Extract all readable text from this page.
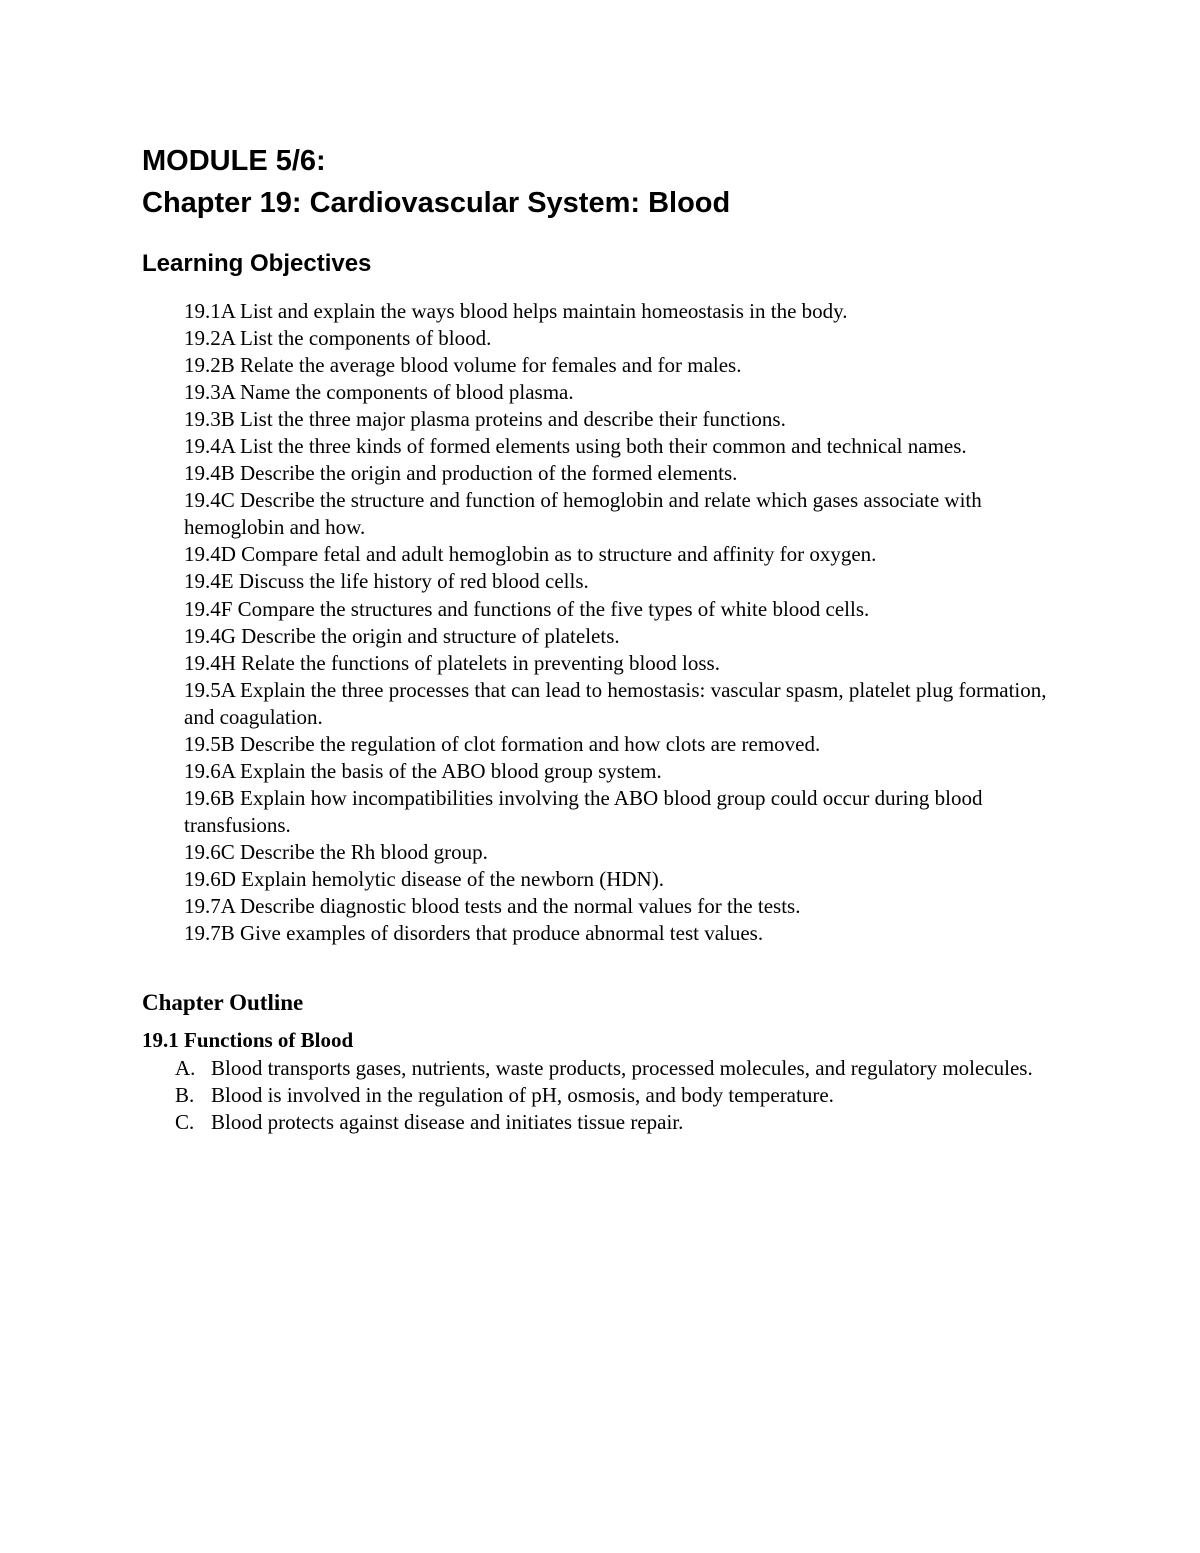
MODULE 5/6:
Chapter 19: Cardiovascular System: Blood
Learning Objectives
19.1A List and explain the ways blood helps maintain homeostasis in the body.
19.2A List the components of blood.
19.2B Relate the average blood volume for females and for males.
19.3A Name the components of blood plasma.
19.3B List the three major plasma proteins and describe their functions.
19.4A List the three kinds of formed elements using both their common and technical names.
19.4B Describe the origin and production of the formed elements.
19.4C Describe the structure and function of hemoglobin and relate which gases associate with hemoglobin and how.
19.4D Compare fetal and adult hemoglobin as to structure and affinity for oxygen.
19.4E Discuss the life history of red blood cells.
19.4F Compare the structures and functions of the five types of white blood cells.
19.4G Describe the origin and structure of platelets.
19.4H Relate the functions of platelets in preventing blood loss.
19.5A Explain the three processes that can lead to hemostasis: vascular spasm, platelet plug formation, and coagulation.
19.5B Describe the regulation of clot formation and how clots are removed.
19.6A Explain the basis of the ABO blood group system.
19.6B Explain how incompatibilities involving the ABO blood group could occur during blood transfusions.
19.6C Describe the Rh blood group.
19.6D Explain hemolytic disease of the newborn (HDN).
19.7A Describe diagnostic blood tests and the normal values for the tests.
19.7B Give examples of disorders that produce abnormal test values.
Chapter Outline
19.1 Functions of Blood
A. Blood transports gases, nutrients, waste products, processed molecules, and regulatory molecules.
B. Blood is involved in the regulation of pH, osmosis, and body temperature.
C. Blood protects against disease and initiates tissue repair.
